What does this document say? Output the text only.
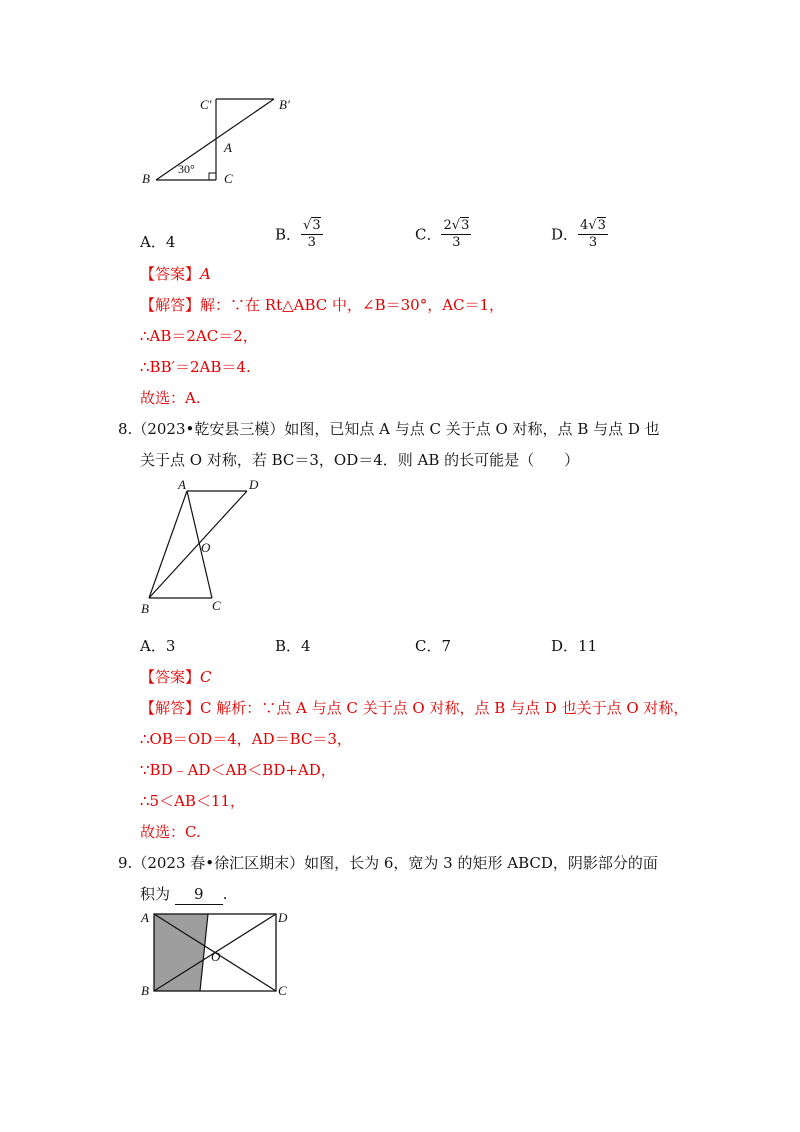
C'	B'
A
B	C
30°
A．4	B． $\frac{√3}{3}$	C． $\frac{2√3}{3}$	D． $\frac{4√3}{3}$
【答案】A
【解答】解：∵在 Rt△ABC 中，∠B＝30°，AC＝1，
∴AB＝2AC＝2，
∴BB′＝2AB＝4.
故选：A.
8.（2023•乾安县三模）如图，已知点 A 与点 C 关于点 O 对称，点 B 与点 D 也
关于点 O 对称，若 BC＝3，OD＝4．则 AB 的长可能是（　　）
A	D
O
B	C
A．3	B．4	C．7	D．11
【答案】C
【解答】C 解析：∵点 A 与点 C 关于点 O 对称，点 B 与点 D 也关于点 O 对称，
∴OB＝OD＝4，AD＝BC＝3，
∵BD﹣AD＜AB＜BD+AD，
∴5＜AB＜11，
故选：C.
9.（2023 春•徐汇区期末）如图，长为 6，宽为 3 的矩形 ABCD，阴影部分的面
积为 9 .
A	D
O
B	C
